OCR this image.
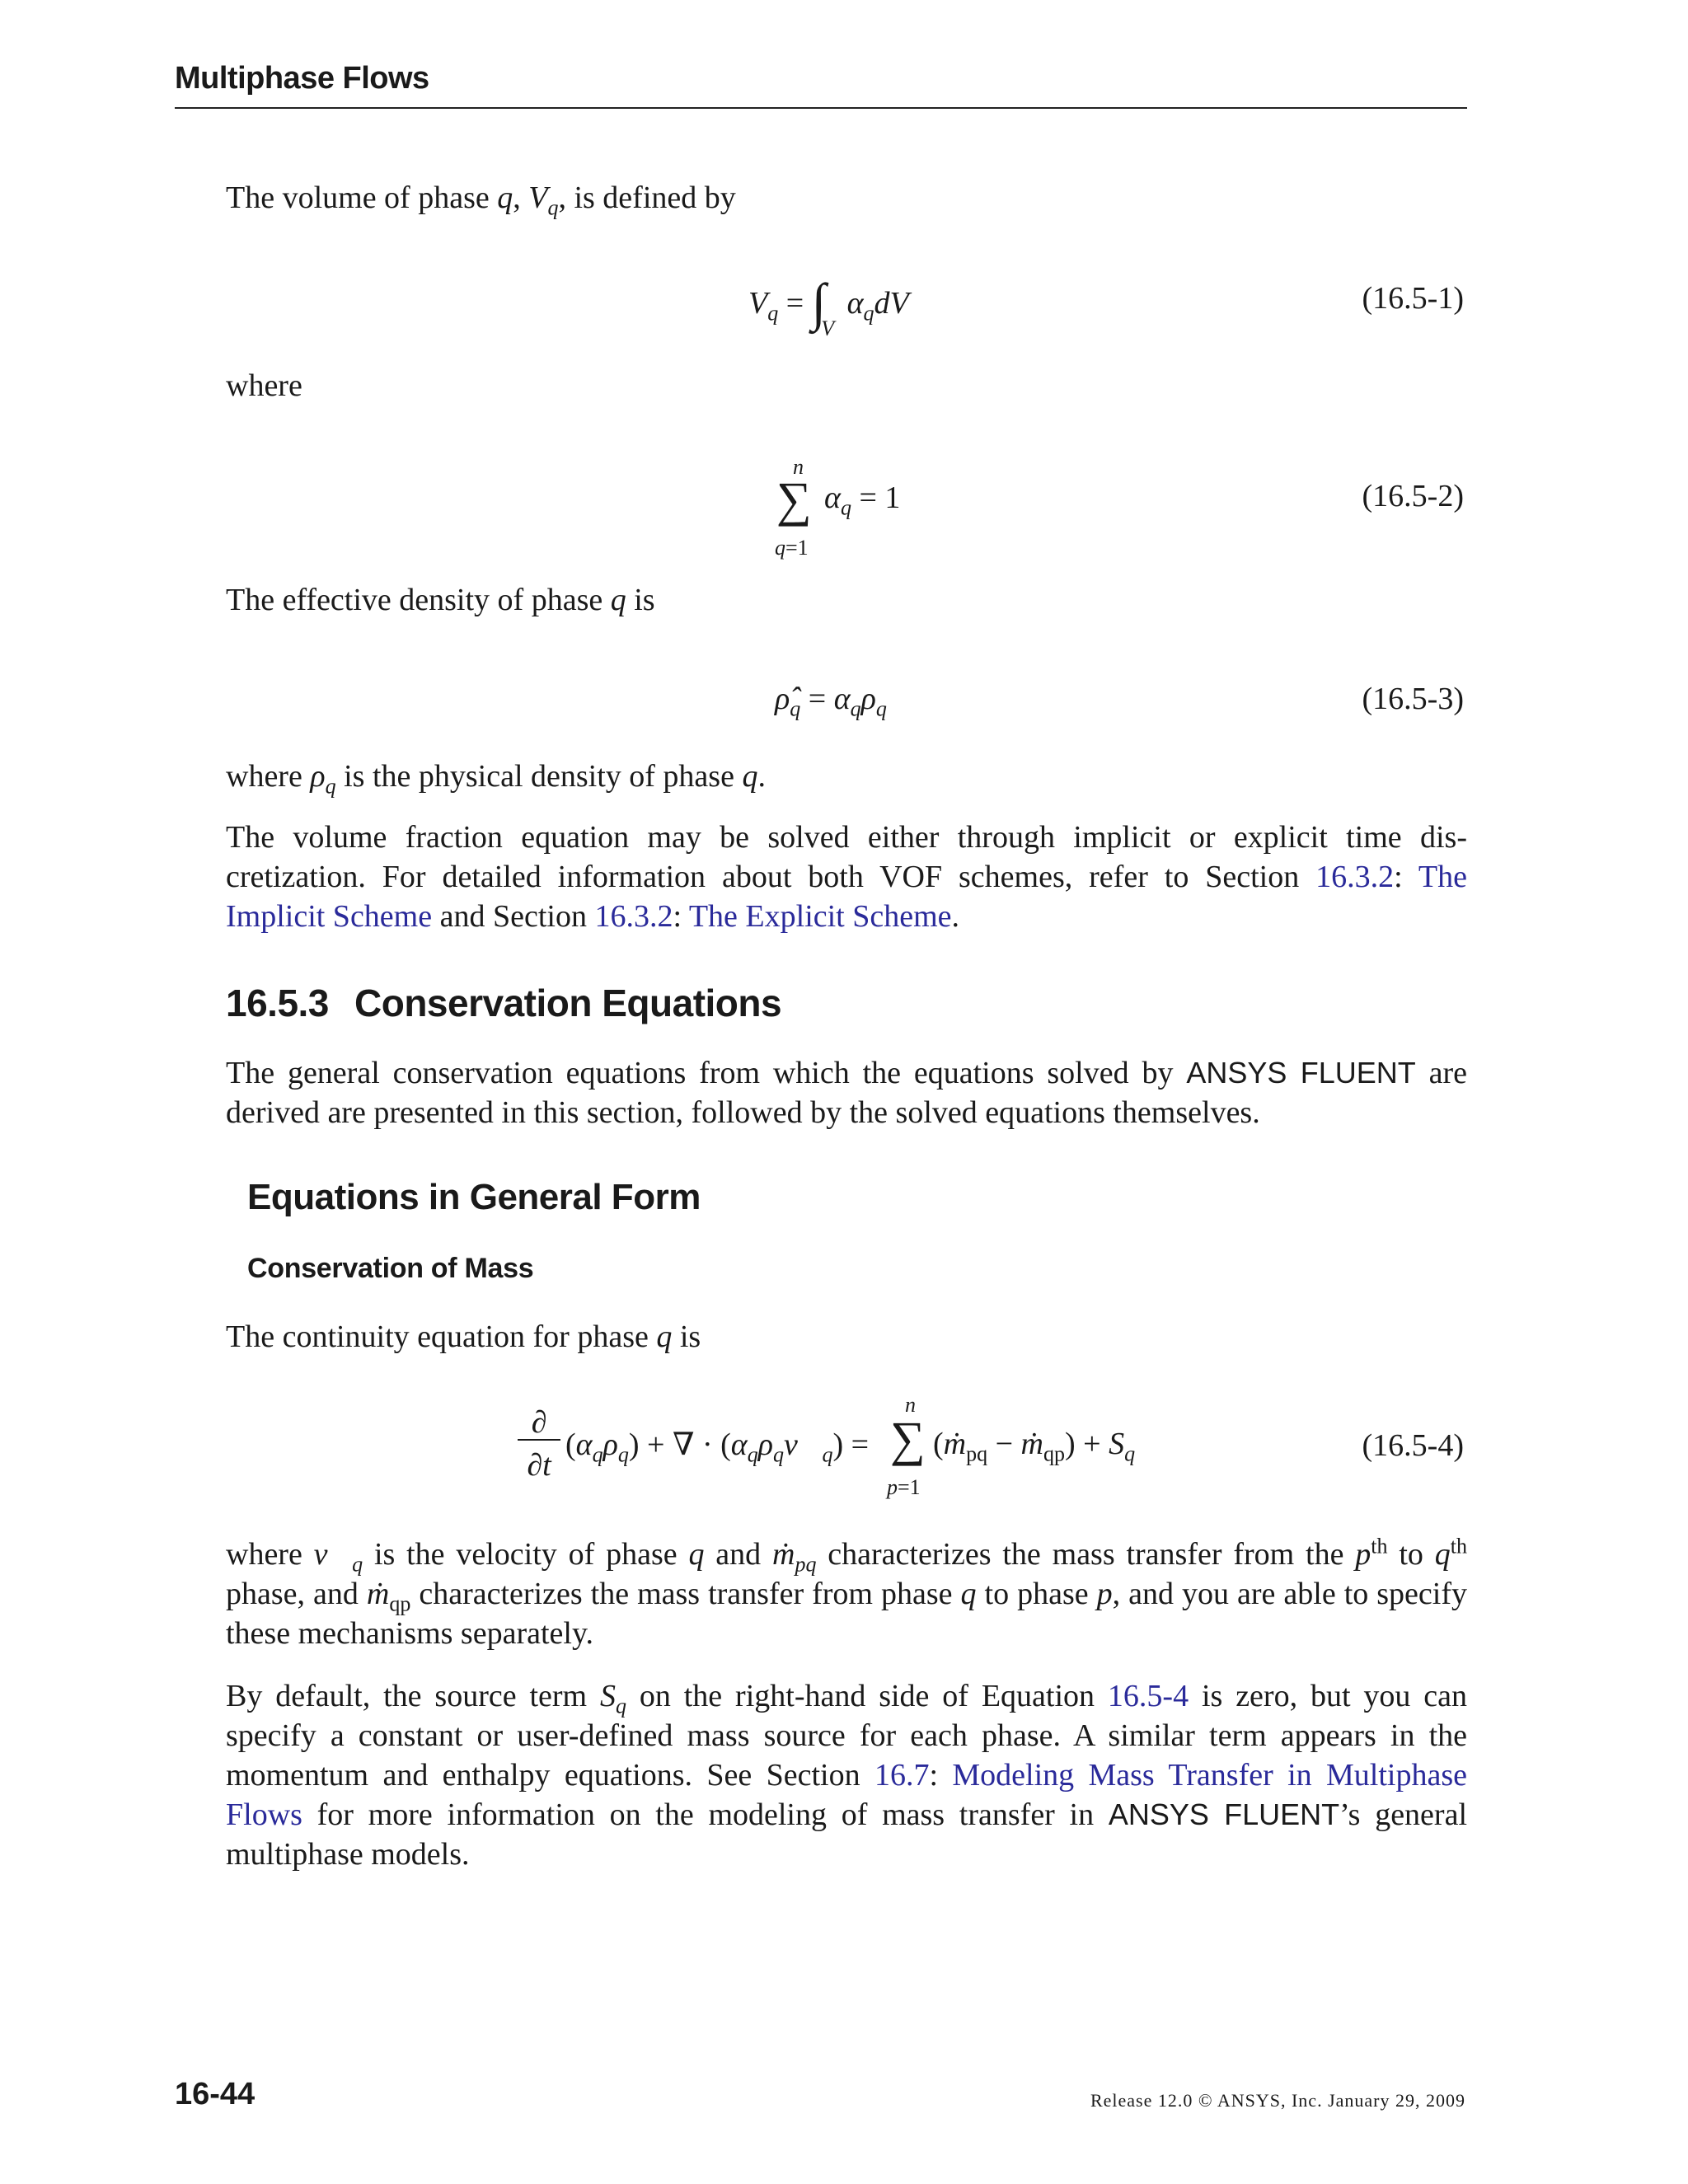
Multiphase Flows

The volume of phase q, $V_q$, is defined by

$V_q = \int_V$ $\alpha_qdV$	(16.5-1)

where

n
∑ $\alpha_q = 1$
q=1
(16.5-2)

The effective density of phase q is

$\rhô_q = \alpha_q\rho_q$	(16.5-3)

where $\rho_q$ is the physical density of phase q.

The volume fraction equation may be solved either through implicit or explicit time dis-cretization. For detailed information about both VOF schemes, refer to Section 16.3.2: The Implicit Scheme and Section 16.3.2: The Explicit Scheme.

16.5.3 Conservation Equations

The general conservation equations from which the equations solved by ANSYS FLUENT are derived are presented in this section, followed by the solved equations themselves.

Equations in General Form
Conservation of Mass

The continuity equation for phase q is

∂
∂t
$(\alpha_q\rho_q)$ + ∇ · $(\alpha_q\rho_qv⃗_q)$ =
n
∑
p=1
(ṁ$_{pq}$ − ṁ$_{qp}$) + $S_q$	(16.5-4)

where $v⃗_q$ is the velocity of phase q and ṁ$_{pq}$ characterizes the mass transfer from the $p^{th}$ to $q^{th}$ phase, and ṁ$_{qp}$ characterizes the mass transfer from phase q to phase p, and you are able to specify these mechanisms separately.

By default, the source term $S_q$ on the right-hand side of Equation 16.5-4 is zero, but you can specify a constant or user-defined mass source for each phase. A similar term appears in the momentum and enthalpy equations. See Section 16.7: Modeling Mass Transfer in Multiphase Flows for more information on the modeling of mass transfer in ANSYS FLUENT’s general multiphase models.

16-44	Release 12.0 © ANSYS, Inc. January 29, 2009
